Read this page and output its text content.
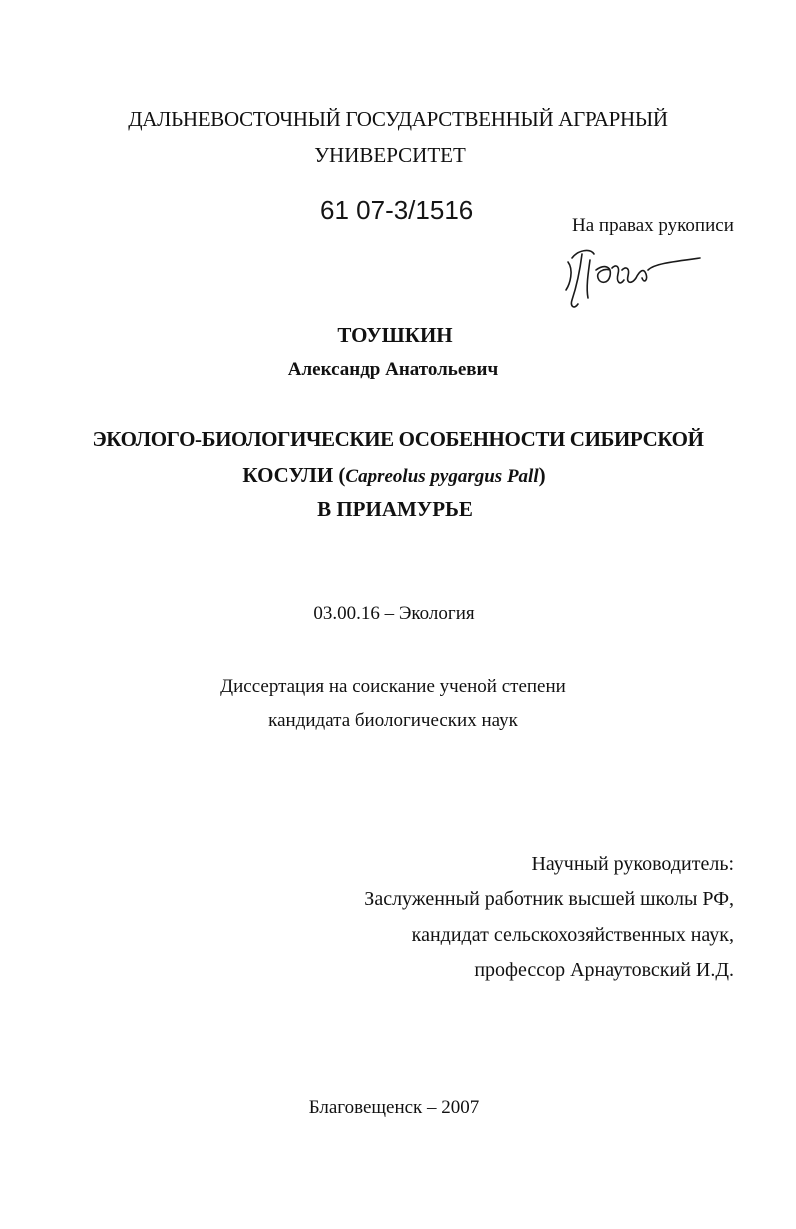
ДАЛЬНЕВОСТОЧНЫЙ ГОСУДАРСТВЕННЫЙ АГРАРНЫЙ
УНИВЕРСИТЕТ
61 07-3/1516
На правах рукописи
ТОУШКИН
Александр Анатольевич
ЭКОЛОГО-БИОЛОГИЧЕСКИЕ ОСОБЕННОСТИ СИБИРСКОЙ
КОСУЛИ (Capreolus pygargus Pall)
В ПРИАМУРЬЕ
03.00.16 – Экология
Диссертация на соискание ученой степени
кандидата биологических наук
Научный руководитель:
Заслуженный работник высшей школы РФ,
кандидат сельскохозяйственных наук,
профессор Арнаутовский И.Д.
Благовещенск – 2007
